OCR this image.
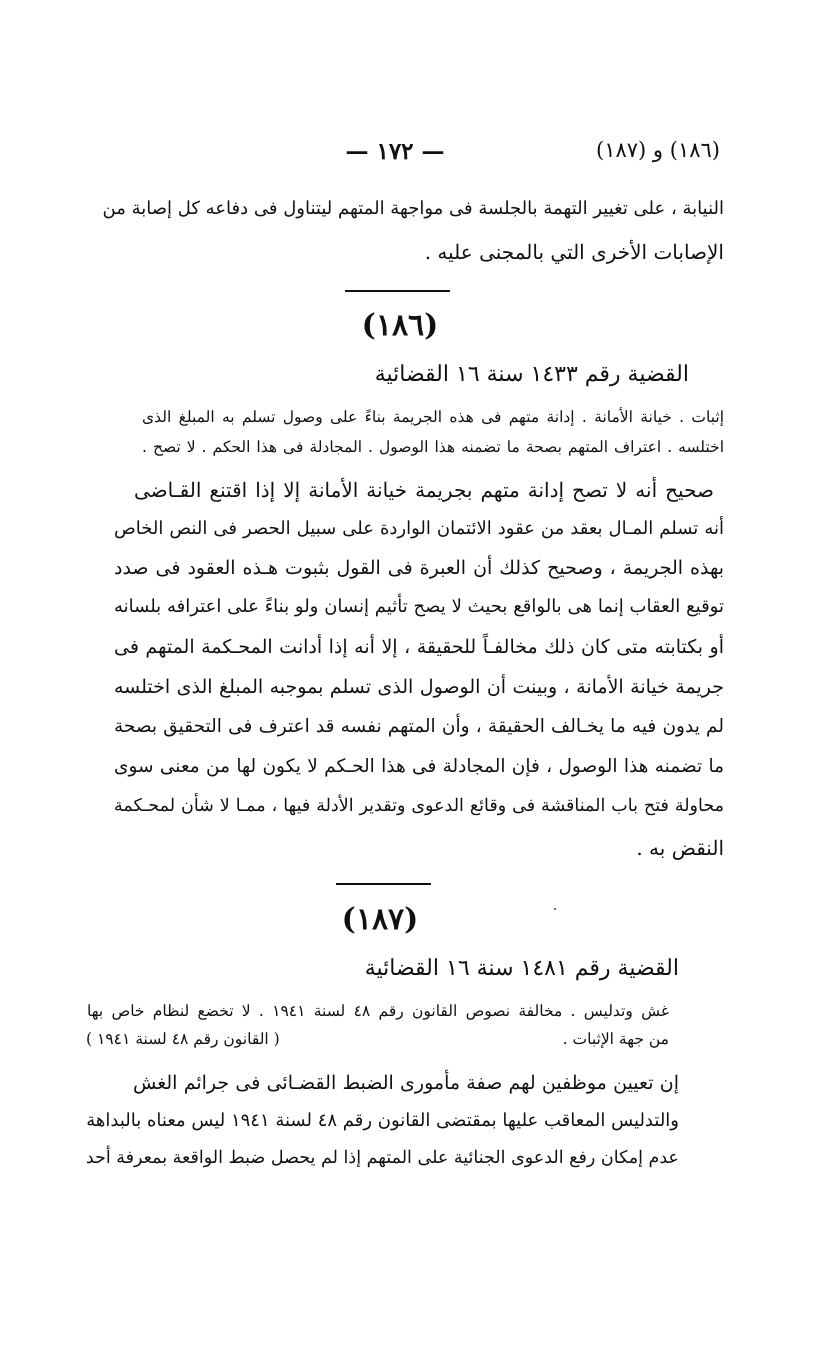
(١٨٦) و (١٨٧)
— ١٧٢ —

النيابة ، على تغيير التهمة بالجلسة فى مواجهة المتهم ليتناول فى دفاعه كل إصابة من

الإصابات الأخرى التي بالمجنى عليه .

(١٨٦)
القضية رقم ١٤٣٣ سنة ١٦ القضائية

إثبات . خيانة الأمانة . إدانة متهم فى هذه الجريمة بناءً على وصول تسلم به المبلغ الذى

اختلسه . اعتراف المتهم بصحة ما تضمنه هذا الوصول . المجادلة فى هذا الحكم . لا تصح .

صحيح أنه لا تصح إدانة متهم بجريمة خيانة الأمانة إلا إذا اقتنع القـاضى

أنه تسلم المـال بعقد من عقود الائتمان الواردة على سبيل الحصر فى النص الخاص

بهذه الجريمة ، وصحيح كذلك أن العبرة فى القول بثبوت هـذه العقود فى صدد

توقيع العقاب إنما هى بالواقع بحيث لا يصح تأثيم إنسان ولو بناءً على اعترافه بلسانه

أو بكتابته متى كان ذلك مخالفـاً للحقيقة ، إلا أنه إذا أدانت المحـكمة المتهم فى

جريمة خيانة الأمانة ، وبينت أن الوصول الذى تسلم بموجبه المبلغ الذى اختلسه

لم يدون فيه ما يخـالف الحقيقة ، وأن المتهم نفسه قد اعترف فى التحقيق بصحة

ما تضمنه هذا الوصول ، فإن المجادلة فى هذا الحـكم لا يكون لها من معنى سوى

محاولة فتح باب المناقشة فى وقائع الدعوى وتقدير الأدلة فيها ، ممـا لا شأن لمحـكمة

النقض به .

(١٨٧)
القضية رقم ١٤٨١ سنة ١٦ القضائية

غش وتدليس . مخالفة نصوص القانون رقم ٤٨ لسنة ١٩٤١ . لا تخضع لنظام خاص بها

من جهة الإثبات .

( القانون رقم ٤٨ لسنة ١٩٤١ )

إن تعيين موظفين لهم صفة مأمورى الضبط القضـائى فى جرائم الغش

والتدليس المعاقب عليها بمقتضى القانون رقم ٤٨ لسنة ١٩٤١ ليس معناه بالبداهة

عدم إمكان رفع الدعوى الجنائية على المتهم إذا لم يحصل ضبط الواقعة بمعرفة أحد
